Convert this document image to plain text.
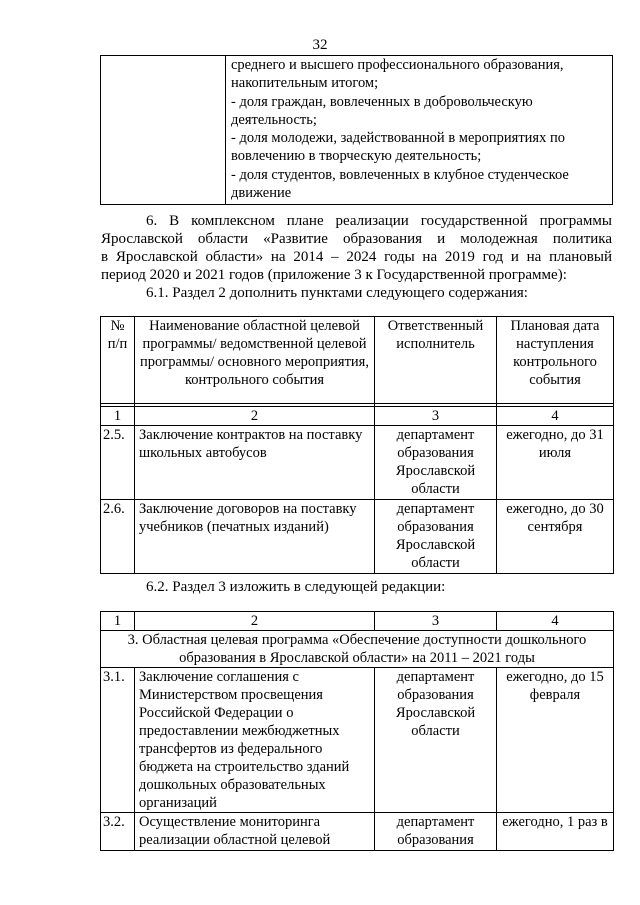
32

среднего и высшего профессионального образования,
накопительным итогом;
- доля граждан, вовлеченных в добровольческую
деятельность;
- доля молодежи, задействованной в мероприятиях по
вовлечению в творческую деятельность;
- доля студентов, вовлеченных в клубное студенческое
движение
6. В комплексном плане реализации государственной программы
Ярославской области «Развитие образования и молодежная политика
в Ярославской области» на 2014 – 2024 годы на 2019 год и на плановый
период 2020 и 2021 годов (приложение 3 к Государственной программе):
6.1. Раздел 2 дополнить пунктами следующего содержания:
№ п/п	Наименование областной целевой программы/ ведомственной целевой программы/ основного мероприятия, контрольного события	Ответственный исполнитель	Плановая дата наступления контрольного события

1	2	3	4
2.5.	Заключение контрактов на поставку школьных автобусов	департамент образования Ярославской области	ежегодно, до 31 июля
2.6.	Заключение договоров на поставку учебников (печатных изданий)	департамент образования Ярославской области	ежегодно, до 30 сентября
6.2. Раздел 3 изложить в следующей редакции:
1	2	3	4
3. Областная целевая программа «Обеспечение доступности дошкольного образования в Ярославской области» на 2011 – 2021 годы			
3.1.	Заключение соглашения с Министерством просвещения Российской Федерации о предоставлении межбюджетных трансфертов из федерального бюджета на строительство зданий дошкольных образовательных организаций	департамент образования Ярославской области	ежегодно, до 15 февраля
3.2.	Осуществление мониторинга реализации областной целевой	департамент образования	ежегодно, 1 раз в
